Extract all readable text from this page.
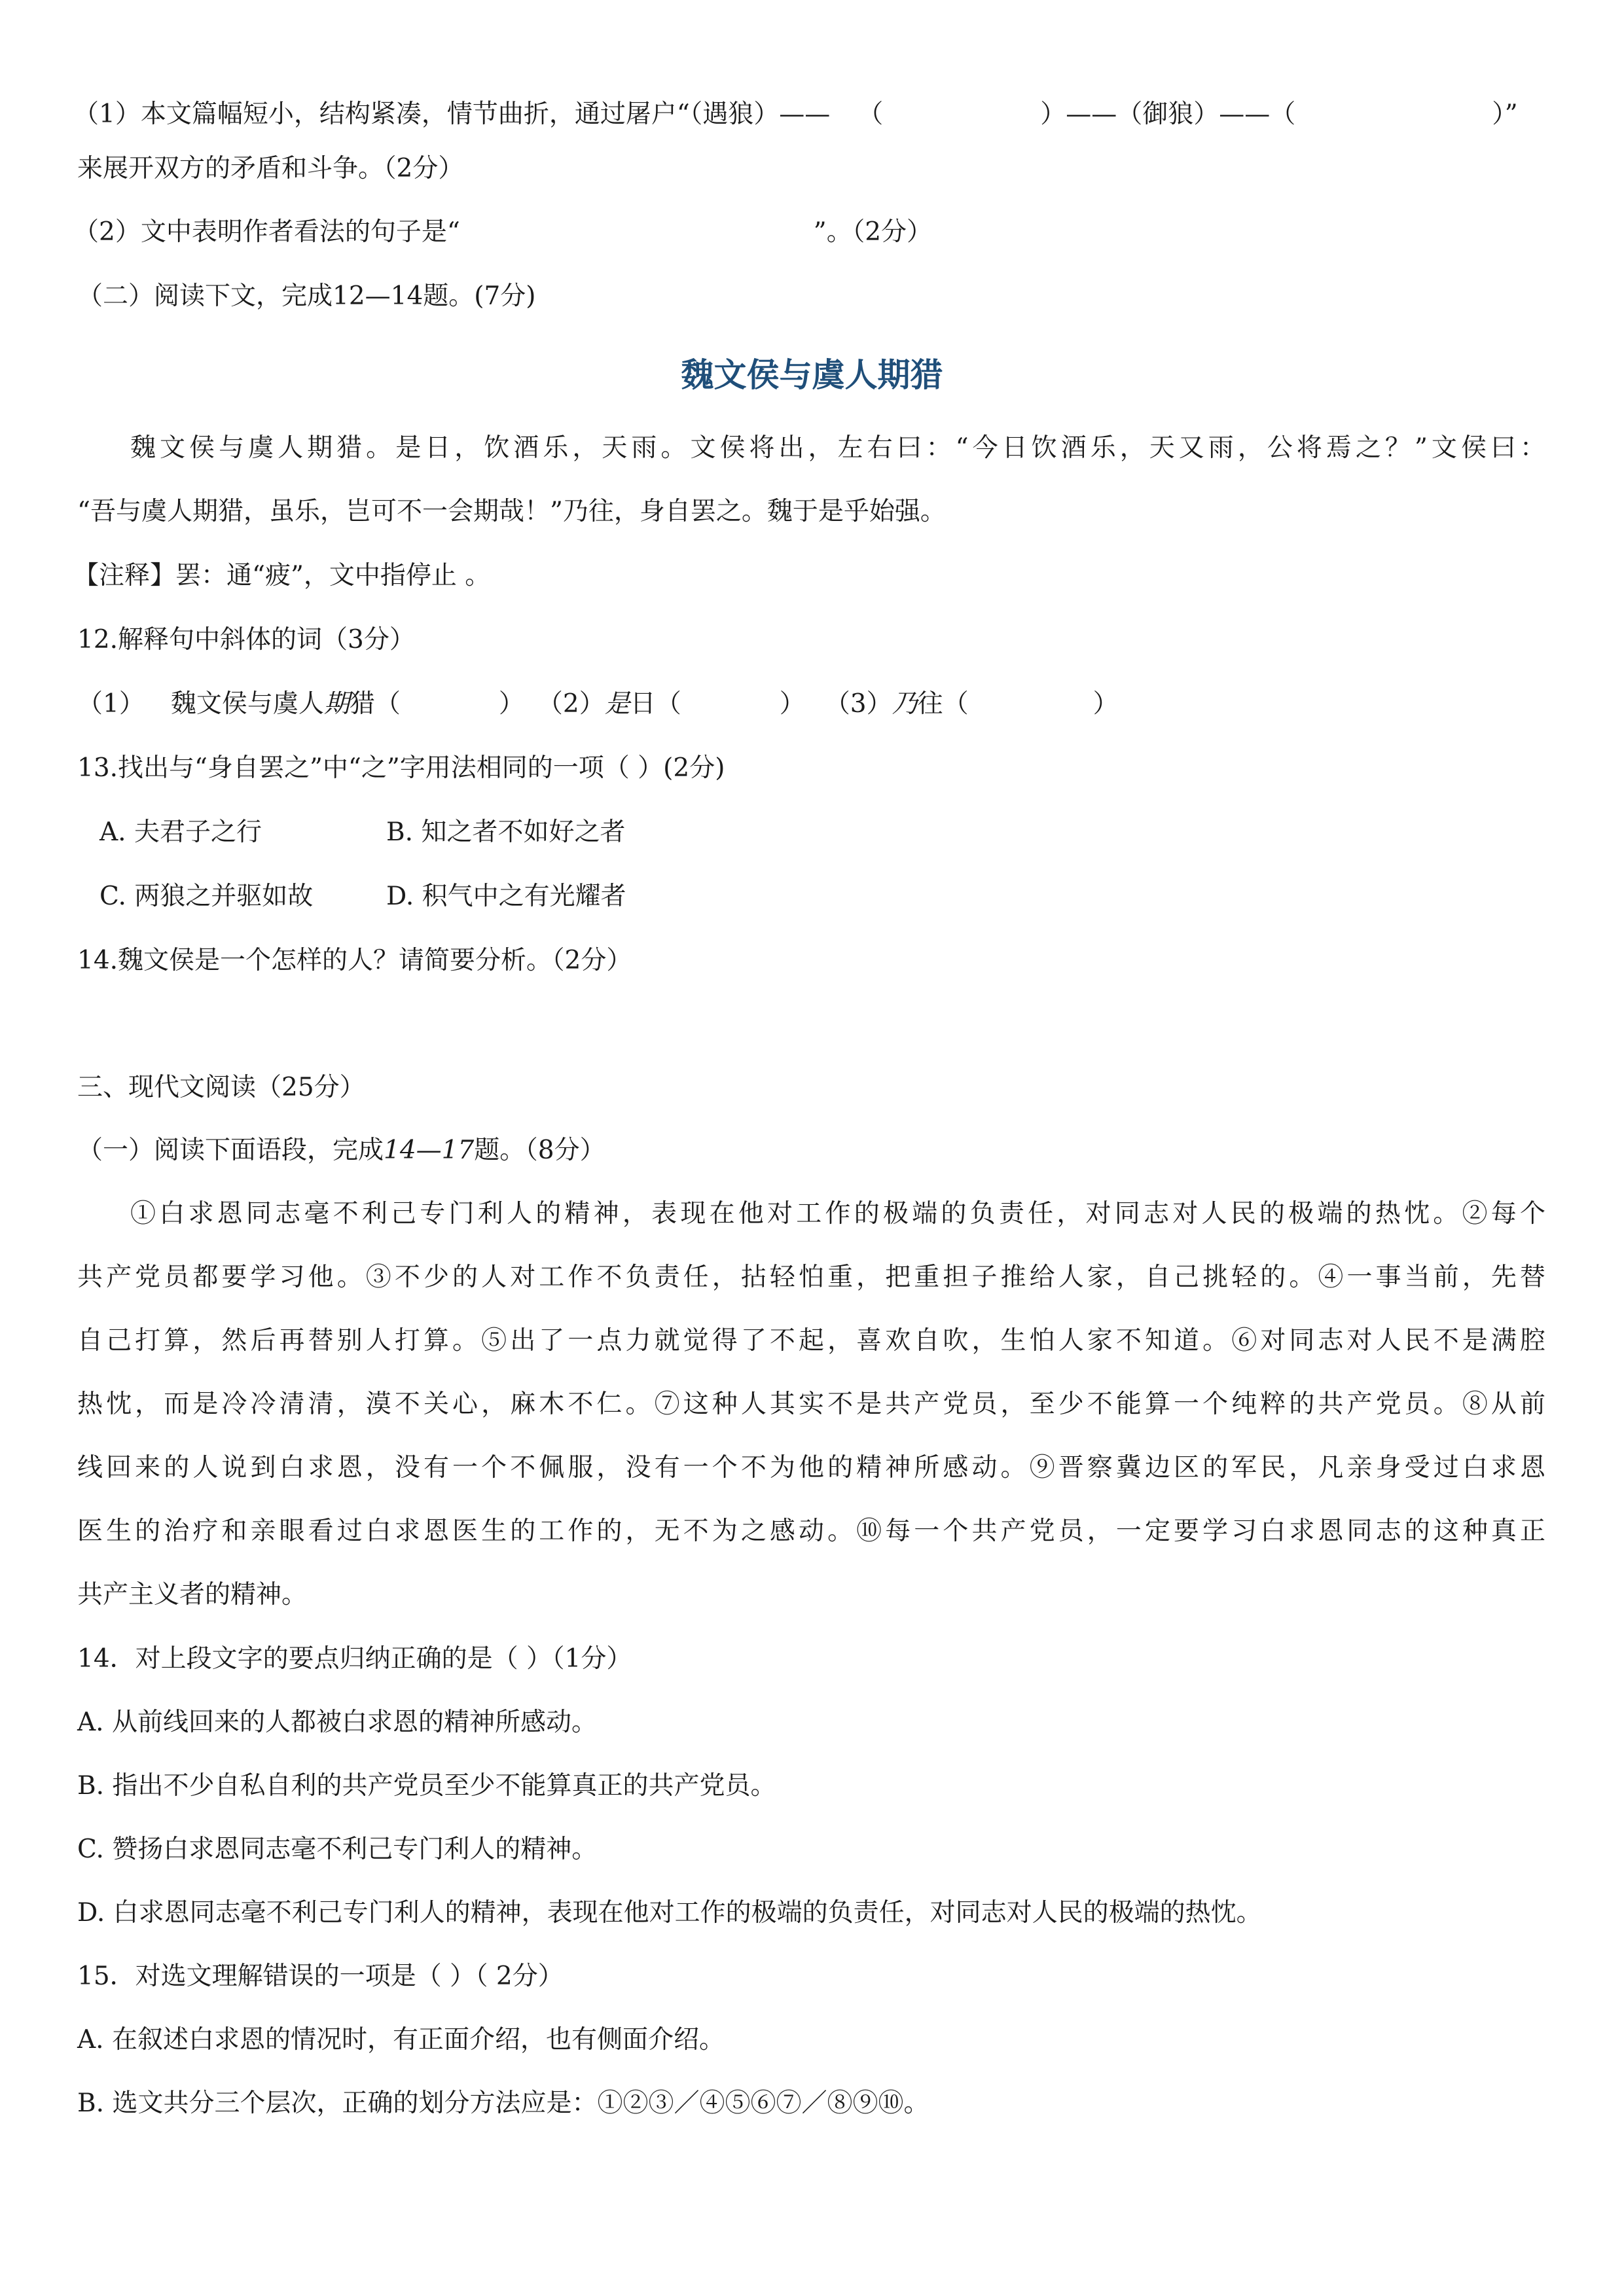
（1）本文篇幅短小，结构紧凑，情节曲折，通过屠户“（遇狼）—— （	）——（御狼）——（	）”
来展开双方的矛盾和斗争。（2分）
（2）文中表明作者看法的句子是“	”。（2分）
（二）阅读下文，完成12—14题。(7分)
魏文侯与虞人期猎
魏文侯与虞人期猎。是日，饮酒乐，天雨。文侯将出，左右曰：“今日饮酒乐，天又雨，公将焉之？”文侯曰：
“吾与虞人期猎，虽乐，岂可不一会期哉！”乃往，身自罢之。魏于是乎始强。
【注释】罢：通“疲”，文中指停止 。
12.解释句中斜体的词（3分）
（1） 魏文侯与虞人期猎（	） （2）是日（	） （3）乃往（	）
13.找出与“身自罢之”中“之”字用法相同的一项（ ）(2分)
A. 夫君子之行	B. 知之者不如好之者
C. 两狼之并驱如故	D. 积气中之有光耀者
14.魏文侯是一个怎样的人？请简要分析。（2分）
三、现代文阅读（25分）
（一）阅读下面语段，完成14—17题。（8分）
①白求恩同志毫不利己专门利人的精神，表现在他对工作的极端的负责任，对同志对人民的极端的热忱。②每个
共产党员都要学习他。③不少的人对工作不负责任，拈轻怕重，把重担子推给人家，自己挑轻的。④一事当前，先替
自己打算，然后再替别人打算。⑤出了一点力就觉得了不起，喜欢自吹，生怕人家不知道。⑥对同志对人民不是满腔
热忱，而是冷冷清清，漠不关心，麻木不仁。⑦这种人其实不是共产党员，至少不能算一个纯粹的共产党员。⑧从前
线回来的人说到白求恩，没有一个不佩服，没有一个不为他的精神所感动。⑨晋察冀边区的军民，凡亲身受过白求恩
医生的治疗和亲眼看过白求恩医生的工作的，无不为之感动。⑩每一个共产党员，一定要学习白求恩同志的这种真正
共产主义者的精神。
14．对上段文字的要点归纳正确的是（ ）（1分）
A. 从前线回来的人都被白求恩的精神所感动。
B. 指出不少自私自利的共产党员至少不能算真正的共产党员。
C. 赞扬白求恩同志毫不利己专门利人的精神。
D. 白求恩同志毫不利己专门利人的精神，表现在他对工作的极端的负责任，对同志对人民的极端的热忱。
15．对选文理解错误的一项是（ ）（ 2分）
A. 在叙述白求恩的情况时，有正面介绍，也有侧面介绍。
B. 选文共分三个层次，正确的划分方法应是：①②③／④⑤⑥⑦／⑧⑨⑩。
